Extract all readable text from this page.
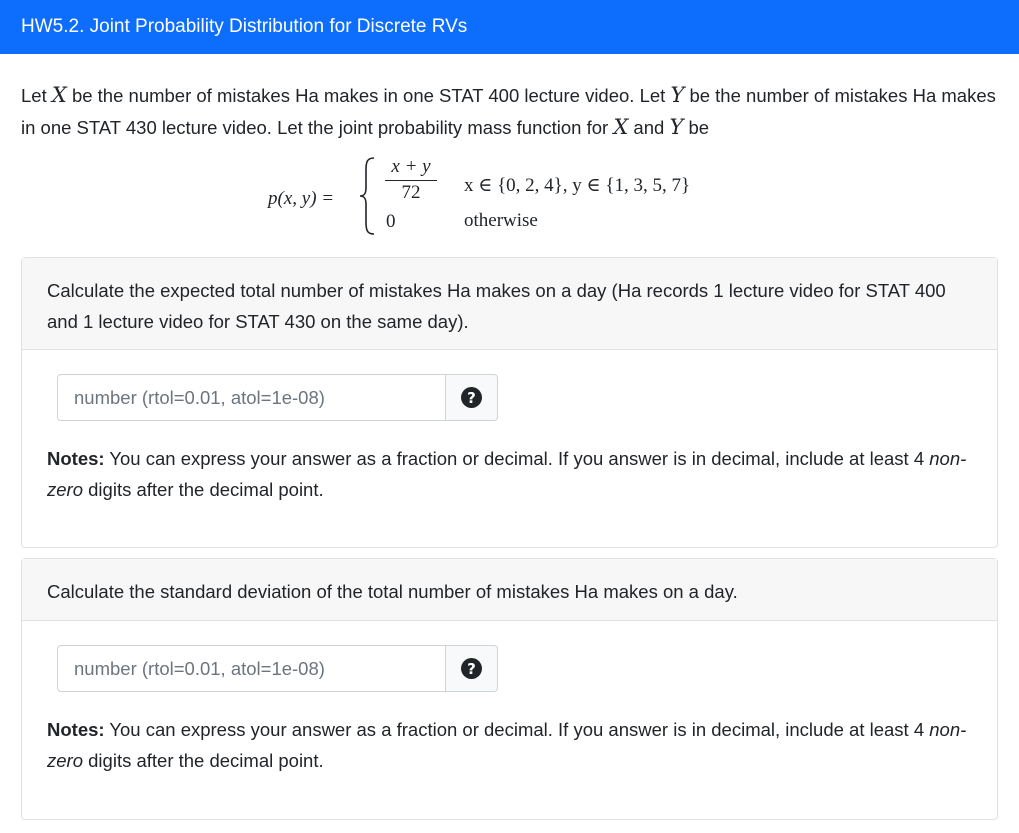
HW5.2. Joint Probability Distribution for Discrete RVs
Let X be the number of mistakes Ha makes in one STAT 400 lecture video. Let Y be the number of mistakes Ha makes in one STAT 430 lecture video. Let the joint probability mass function for X and Y be
p(x, y) =
x + y
72	x ∈ {0, 2, 4}, y ∈ {1, 3, 5, 7}
0	otherwise
Calculate the expected total number of mistakes Ha makes on a day (Ha records 1 lecture video for STAT 400 and 1 lecture video for STAT 430 on the same day).
number (rtol=0.01, atol=1e-08)
?
Notes: You can express your answer as a fraction or decimal. If you answer is in decimal, include at least 4 non-zero digits after the decimal point.
Calculate the standard deviation of the total number of mistakes Ha makes on a day.
number (rtol=0.01, atol=1e-08)
?
Notes: You can express your answer as a fraction or decimal. If you answer is in decimal, include at least 4 non-zero digits after the decimal point.
